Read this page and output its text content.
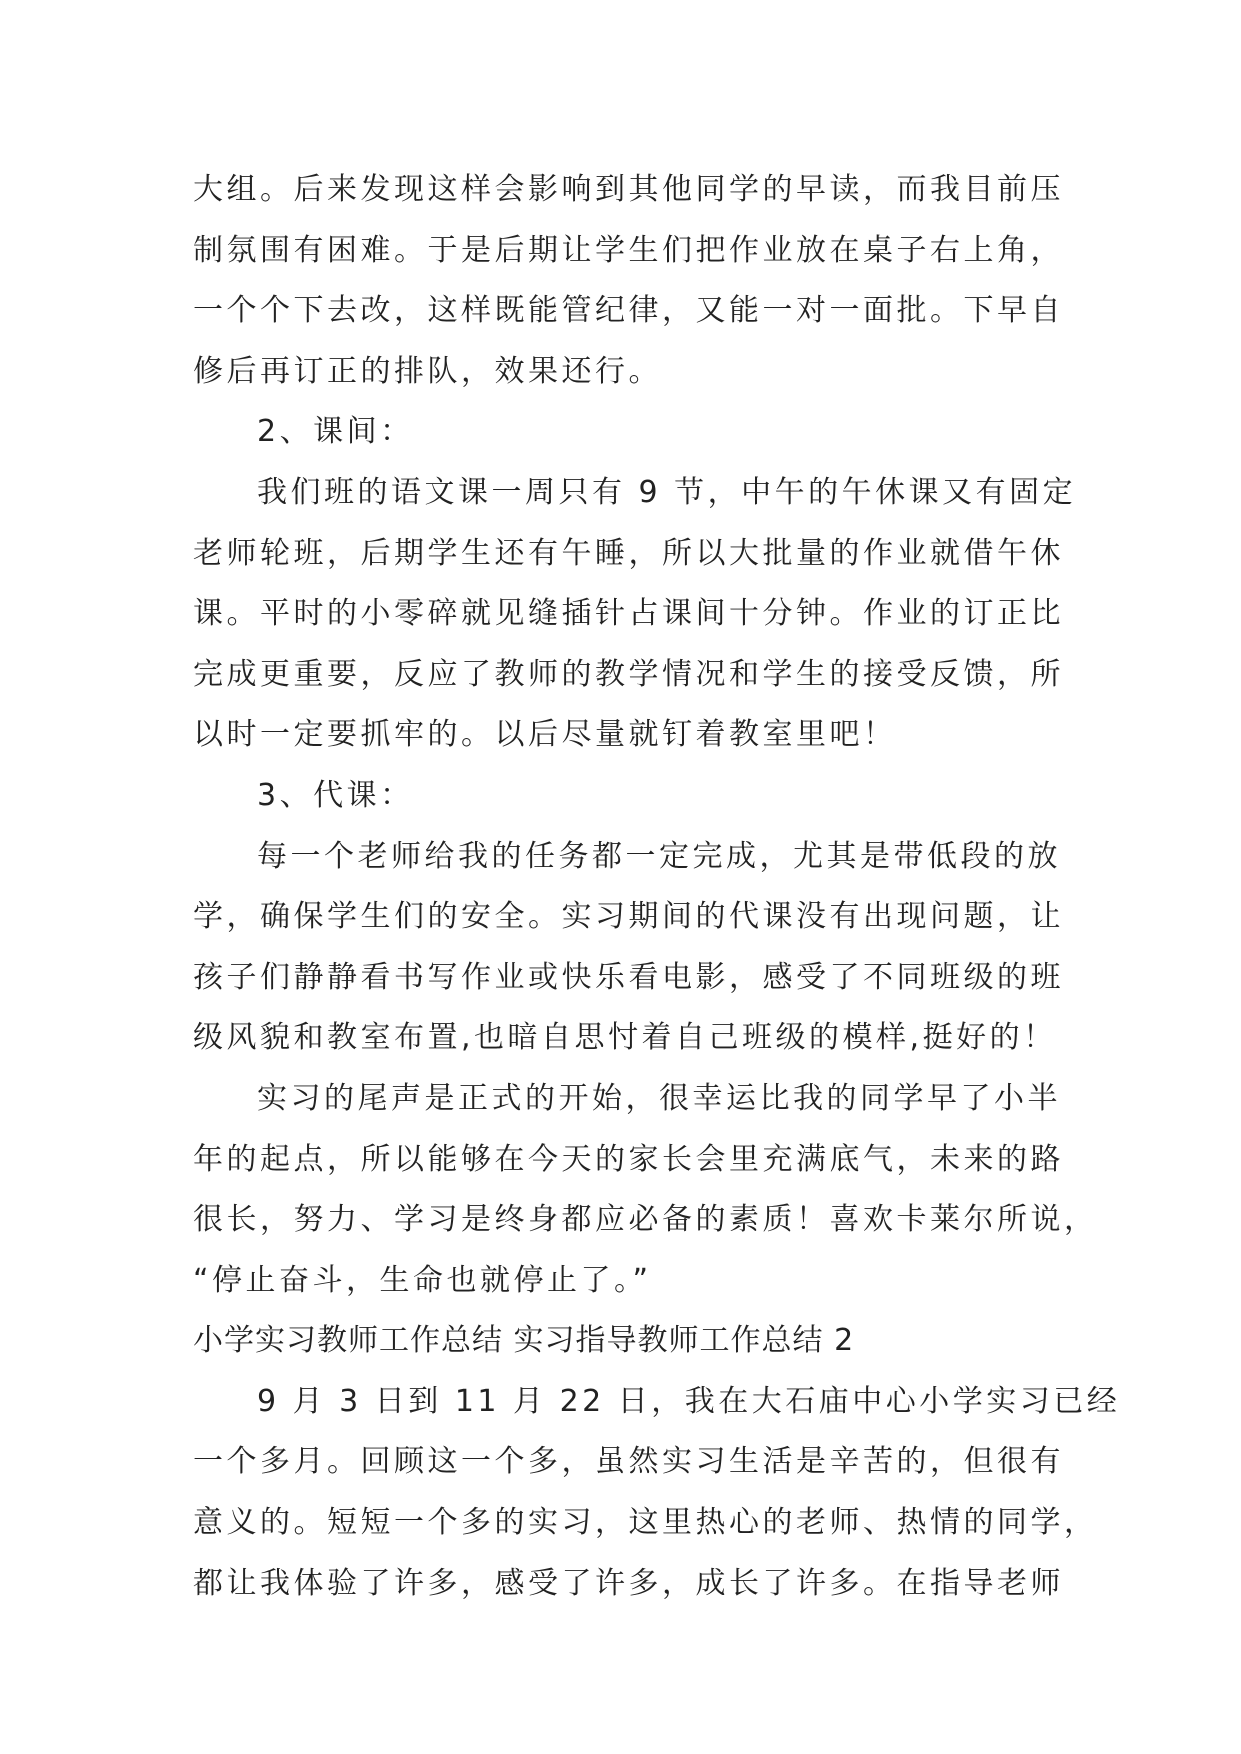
大组。后来发现这样会影响到其他同学的早读，而我目前压
制氛围有困难。于是后期让学生们把作业放在桌子右上角，
一个个下去改，这样既能管纪律，又能一对一面批。下早自
修后再订正的排队，效果还行。
2、课间：
我们班的语文课一周只有 9 节，中午的午休课又有固定
老师轮班，后期学生还有午睡，所以大批量的作业就借午休
课。平时的小零碎就见缝插针占课间十分钟。作业的订正比
完成更重要，反应了教师的教学情况和学生的接受反馈，所
以时一定要抓牢的。以后尽量就钉着教室里吧！
3、代课：
每一个老师给我的任务都一定完成，尤其是带低段的放
学，确保学生们的安全。实习期间的代课没有出现问题，让
孩子们静静看书写作业或快乐看电影，感受了不同班级的班
级风貌和教室布置,也暗自思忖着自己班级的模样,挺好的！
实习的尾声是正式的开始，很幸运比我的同学早了小半
年的起点，所以能够在今天的家长会里充满底气，未来的路
很长，努力、学习是终身都应必备的素质！喜欢卡莱尔所说，
“停止奋斗，生命也就停止了。”
小学实习教师工作总结 实习指导教师工作总结 2
9 月 3 日到 11 月 22 日，我在大石庙中心小学实习已经
一个多月。回顾这一个多，虽然实习生活是辛苦的，但很有
意义的。短短一个多的实习，这里热心的老师、热情的同学，
都让我体验了许多，感受了许多，成长了许多。在指导老师
